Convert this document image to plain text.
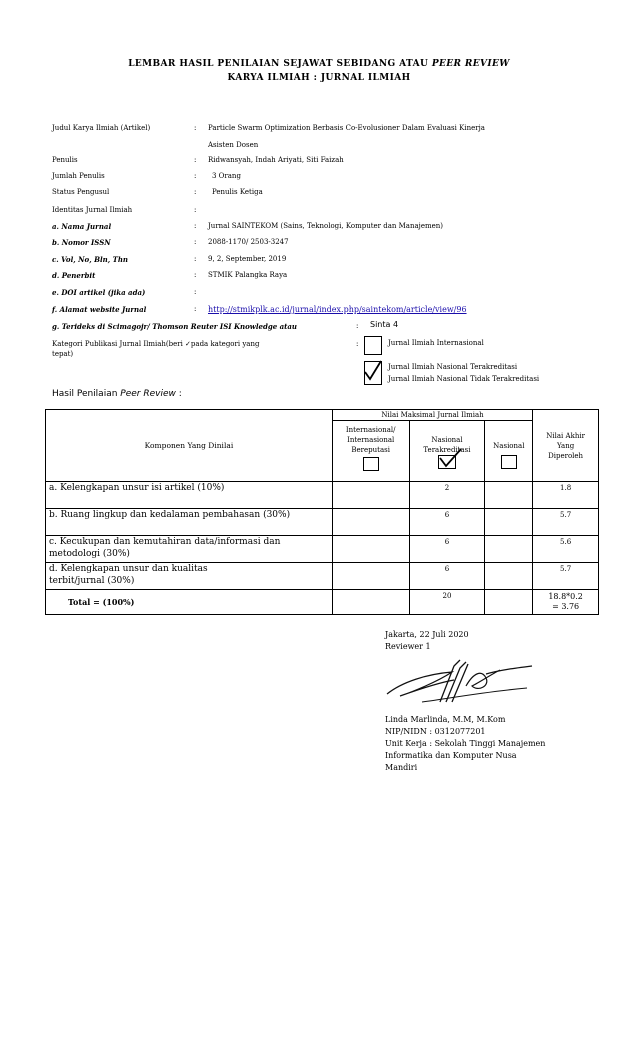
LEMBAR HASIL PENILAIAN SEJAWAT SEBIDANG ATAU PEER REVIEW
KARYA ILMIAH : JURNAL ILMIAH
Judul Karya Ilmiah (Artikel)	: Particle Swarm Optimization Berbasis Co-Evolusioner Dalam Evaluasi Kinerja
Asisten Dosen
Penulis	: Ridwansyah, Indah Ariyati, Siti Faizah
Jumlah Penulis	: 3 Orang
Status Pengusul	: Penulis Ketiga
Identitas Jurnal Ilmiah	:
a. Nama Jurnal	: Jurnal SAINTEKOM (Sains, Teknologi, Komputer dan Manajemen)
b. Nomor ISSN	: 2088-1170/ 2503-3247
c. Vol, No, Bln, Thn	: 9, 2, September, 2019
d. Penerbit	: STMIK Palangka Raya
e. DOI artikel (jika ada)	:
f. Alamat website Jurnal	: http://stmikplk.ac.id/jurnal/index.php/saintekom/article/view/96
g. Terideks di Scimagojr/ Thomson Reuter ISI Knowledge atau	: Sinta 4
Kategori Publikasi Jurnal Ilmiah(beri ✓pada kategori yang
tepat)
:	Jurnal Ilmiah Internasional
Jurnal Ilmiah Nasional Terakreditasi
Jurnal Ilmiah Nasional Tidak Terakreditasi
Hasil Penilaian Peer Review :
Komponen Yang Dinilai	Nilai Maksimal Jurnal Ilmiah			Nilai Akhir Yang Diperoleh

	Internasional/ Internasional Bereputasi	Nasional Terakreditasi	Nasional	

a. Kelengkapan unsur isi artikel (10%)		2		1.8

b. Ruang lingkup dan kedalaman pembahasan (30%)		6		5.7

c. Kecukupan dan kemutahiran data/informasi dan metodologi (30%)		6		5.6

d. Kelengkapan unsur dan kualitas terbit/jurnal (30%)		6		5.7
Total = (100%)		20		18.8*0.2
= 3.76
Jakarta, 22 Juli 2020
Reviewer 1
Linda Marlinda, M.M, M.Kom
NIP/NIDN : 0312077201
Unit Kerja : Sekolah Tinggi Manajemen
Informatika dan Komputer Nusa
Mandiri
